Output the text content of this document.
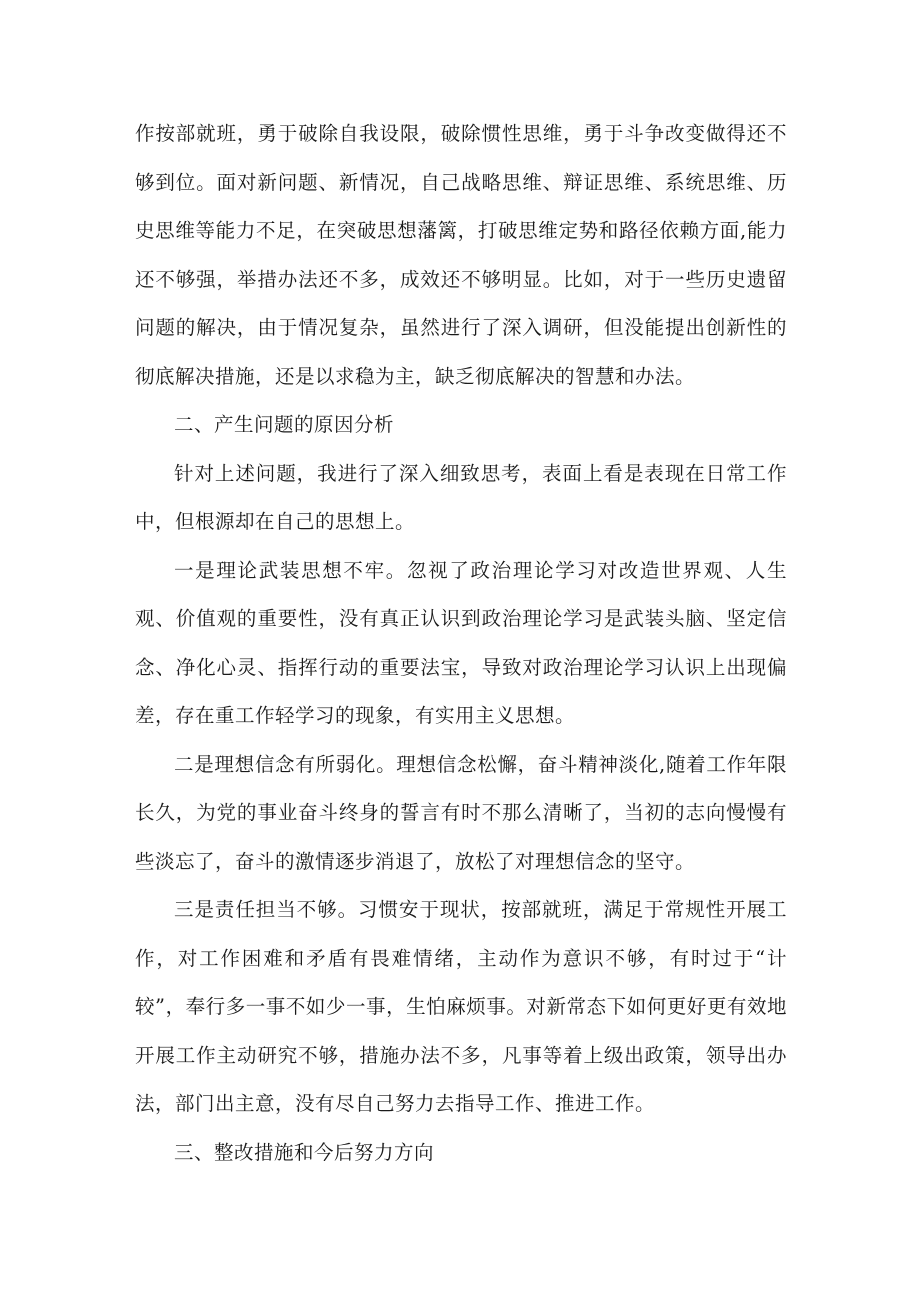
作按部就班，勇于破除自我设限，破除惯性思维，勇于斗争改变做得还不够到位。面对新问题、新情况，自己战略思维、辩证思维、系统思维、历史思维等能力不足，在突破思想藩篱，打破思维定势和路径依赖方面,能力还不够强，举措办法还不多，成效还不够明显。比如，对于一些历史遗留问题的解决，由于情况复杂，虽然进行了深入调研，但没能提出创新性的彻底解决措施，还是以求稳为主，缺乏彻底解决的智慧和办法。

二、产生问题的原因分析

针对上述问题，我进行了深入细致思考，表面上看是表现在日常工作中，但根源却在自己的思想上。

一是理论武装思想不牢。忽视了政治理论学习对改造世界观、人生观、价值观的重要性，没有真正认识到政治理论学习是武装头脑、坚定信念、净化心灵、指挥行动的重要法宝，导致对政治理论学习认识上出现偏差，存在重工作轻学习的现象，有实用主义思想。

二是理想信念有所弱化。理想信念松懈，奋斗精神淡化,随着工作年限长久，为党的事业奋斗终身的誓言有时不那么清晰了，当初的志向慢慢有些淡忘了，奋斗的激情逐步消退了，放松了对理想信念的坚守。

三是责任担当不够。习惯安于现状，按部就班，满足于常规性开展工作，对工作困难和矛盾有畏难情绪，主动作为意识不够，有时过于“计较”，奉行多一事不如少一事，生怕麻烦事。对新常态下如何更好更有效地开展工作主动研究不够，措施办法不多，凡事等着上级出政策，领导出办法，部门出主意，没有尽自己努力去指导工作、推进工作。

三、整改措施和今后努力方向
